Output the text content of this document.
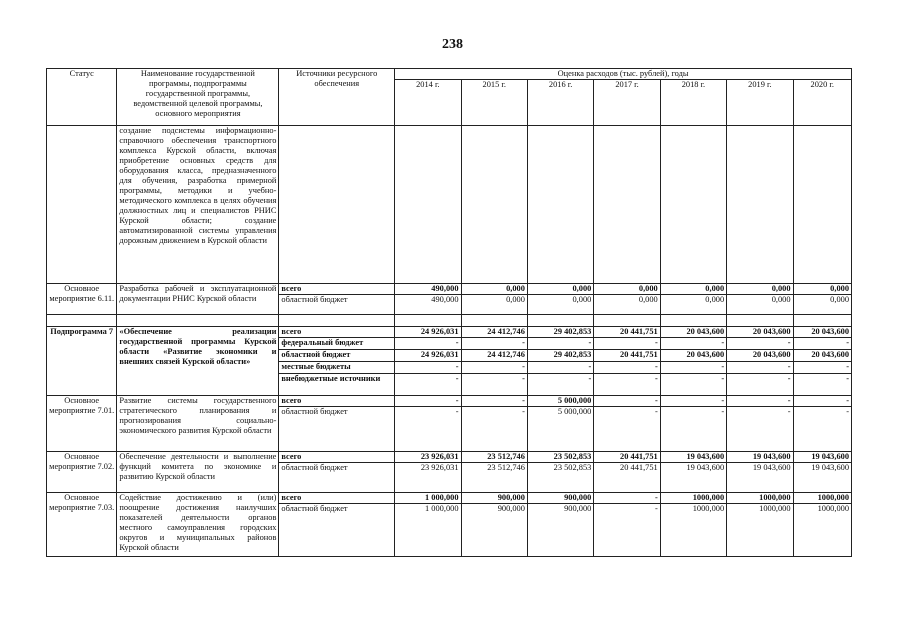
238
Статус	Наименование государственной программы, подпрограммы государственной программы, ведомственной целевой программы, основного мероприятия	Источники ресурсного обеспечения	Оценка расходов (тыс. рублей), годы						
			2014 г.	2015 г.	2016 г.	2017 г.	2018 г.	2019 г.	2020 г.
	создание подсистемы информационно-справочного обеспечения транспортного комплекса Курской области, включая приобретение основных средств для оборудования класса, предназначенного для обучения, разработка примерной программы, методики и учебно-методического комплекса в целях обучения должностных лиц и специалистов РНИС Курской области; создание автоматизированной системы управления дорожным движением в Курской области								
Основное мероприятие 6.11.	Разработка рабочей и эксплуатационной документации РНИС Курской области	всего	490,000	0,000	0,000	0,000	0,000	0,000	0,000
		областной бюджет	490,000	0,000	0,000	0,000	0,000	0,000	0,000

Подпрограмма 7	«Обеспечение реализации государственной программы Курской области «Развитие экономики и внешних связей Курской области»	всего	24 926,031	24 412,746	29 402,853	20 441,751	20 043,600	20 043,600	20 043,600
		федеральный бюджет	-	-	-	-	-	-	-
		областной бюджет	24 926,031	24 412,746	29 402,853	20 441,751	20 043,600	20 043,600	20 043,600
		местные бюджеты	-	-	-	-	-	-	-
		внебюджетные источники	-	-	-	-	-	-	-
Основное мероприятие 7.01.	Развитие системы государственного стратегического планирования и прогнозирования социально-экономического развития Курской области	всего	-	-	5 000,000	-	-	-	-
		областной бюджет	-	-	5 000,000	-	-	-	-
Основное мероприятие 7.02.	Обеспечение деятельности и выполнение функций комитета по экономике и развитию Курской области	всего	23 926,031	23 512,746	23 502,853	20 441,751	19 043,600	19 043,600	19 043,600
		областной бюджет	23 926,031	23 512,746	23 502,853	20 441,751	19 043,600	19 043,600	19 043,600
Основное мероприятие 7.03.	Содействие достижению и (или) поощрение достижения наилучших показателей деятельности органов местного самоуправления городских округов и муниципальных районов Курской области	всего	1 000,000	900,000	900,000	-	1000,000	1000,000	1000,000
		областной бюджет	1 000,000	900,000	900,000	-	1000,000	1000,000	1000,000
